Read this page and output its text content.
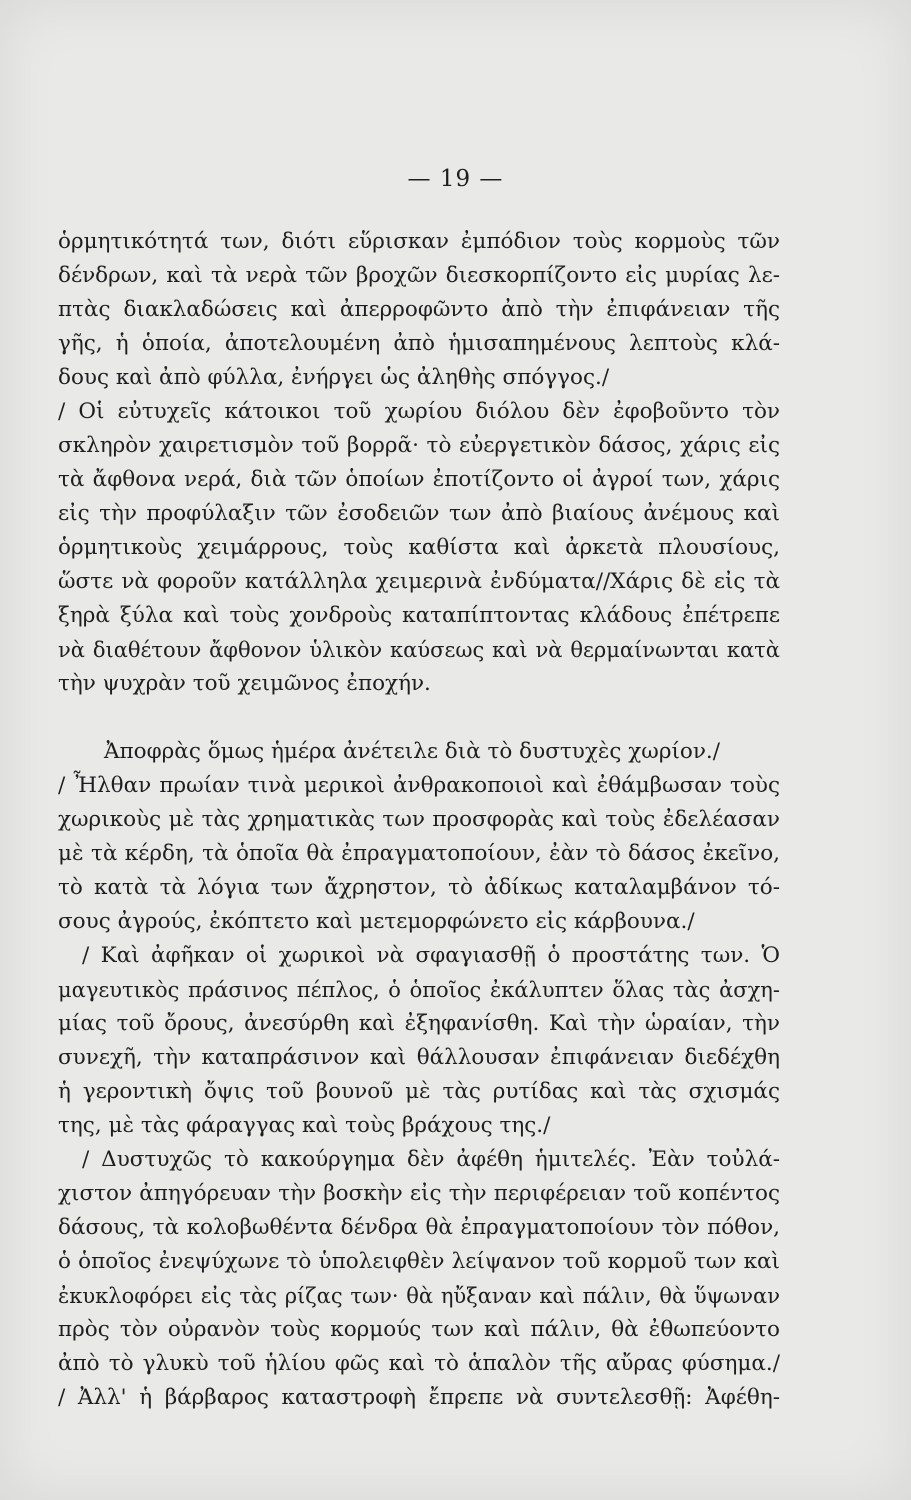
— 19 —
ὁρμητικότητά των, διότι εὕρισκαν ἐμπόδιον τοὺς κορμοὺς τῶν
δένδρων, καὶ τὰ νερὰ τῶν βροχῶν διεσκορπίζοντο εἰς μυρίας λε-
πτὰς διακλαδώσεις καὶ ἀπερροφῶντο ἀπὸ τὴν ἐπιφάνειαν τῆς
γῆς, ἡ ὁποία, ἀποτελουμένη ἀπὸ ἡμισαπημένους λεπτοὺς κλά-
δους καὶ ἀπὸ φύλλα, ἐνήργει ὡς ἀληθὴς σπόγγος./
/ Οἱ εὐτυχεῖς κάτοικοι τοῦ χωρίου διόλου δὲν ἐφοβοῦντο τὸν
σκληρὸν χαιρετισμὸν τοῦ βορρᾶ· τὸ εὐεργετικὸν δάσος, χάρις εἰς
τὰ ἄφθονα νερά, διὰ τῶν ὁποίων ἐποτίζοντο οἱ ἀγροί των, χάρις
εἰς τὴν προφύλαξιν τῶν ἐσοδειῶν των ἀπὸ βιαίους ἀνέμους καὶ
ὁρμητικοὺς χειμάρρους, τοὺς καθίστα καὶ ἀρκετὰ πλουσίους,
ὥστε νὰ φοροῦν κατάλληλα χειμερινὰ ἐνδύματα//Χάρις δὲ εἰς τὰ
ξηρὰ ξύλα καὶ τοὺς χονδροὺς καταπίπτοντας κλάδους ἐπέτρεπε
νὰ διαθέτουν ἄφθονον ὑλικὸν καύσεως καὶ νὰ θερμαίνωνται κατὰ
τὴν ψυχρὰν τοῦ χειμῶνος ἐποχήν.
Ἀποφρὰς ὅμως ἡμέρα ἀνέτειλε διὰ τὸ δυστυχὲς χωρίον./
/ Ἦλθαν πρωίαν τινὰ μερικοὶ ἀνθρακοποιοὶ καὶ ἐθάμβωσαν τοὺς
χωρικοὺς μὲ τὰς χρηματικὰς των προσφορὰς καὶ τοὺς ἐδελέασαν
μὲ τὰ κέρδη, τὰ ὁποῖα θὰ ἐπραγματοποίουν, ἐὰν τὸ δάσος ἐκεῖνο,
τὸ κατὰ τὰ λόγια των ἄχρηστον, τὸ ἀδίκως καταλαμβάνον τό-
σους ἀγρούς, ἐκόπτετο καὶ μετεμορφώνετο εἰς κάρβουνα./
/ Καὶ ἀφῆκαν οἱ χωρικοὶ νὰ σφαγιασθῇ ὁ προστάτης των. Ὁ
μαγευτικὸς πράσινος πέπλος, ὁ ὁποῖος ἐκάλυπτεν ὅλας τὰς ἀσχη-
μίας τοῦ ὄρους, ἀνεσύρθη καὶ ἐξηφανίσθη. Καὶ τὴν ὡραίαν, τὴν
συνεχῆ, τὴν καταπράσινον καὶ θάλλουσαν ἐπιφάνειαν διεδέχθη
ἡ γεροντικὴ ὄψις τοῦ βουνοῦ μὲ τὰς ρυτίδας καὶ τὰς σχισμάς
της, μὲ τὰς φάραγγας καὶ τοὺς βράχους της./
/ Δυστυχῶς τὸ κακούργημα δὲν ἀφέθη ἡμιτελές. Ἐὰν τοὐλά-
χιστον ἀπηγόρευαν τὴν βοσκὴν εἰς τὴν περιφέρειαν τοῦ κοπέντος
δάσους, τὰ κολοβωθέντα δένδρα θὰ ἐπραγματοποίουν τὸν πόθον,
ὁ ὁποῖος ἐνεψύχωνε τὸ ὑπολειφθὲν λείψανον τοῦ κορμοῦ των καὶ
ἐκυκλοφόρει εἰς τὰς ρίζας των· θὰ ηὔξαναν καὶ πάλιν, θὰ ὕψωναν
πρὸς τὸν οὐρανὸν τοὺς κορμούς των καὶ πάλιν, θὰ ἐθωπεύοντο
ἀπὸ τὸ γλυκὺ τοῦ ἡλίου φῶς καὶ τὸ ἁπαλὸν τῆς αὔρας φύσημα./
/ Ἀλλ' ἡ βάρβαρος καταστροφὴ ἔπρεπε νὰ συντελεσθῇ: Ἀφέθη-
